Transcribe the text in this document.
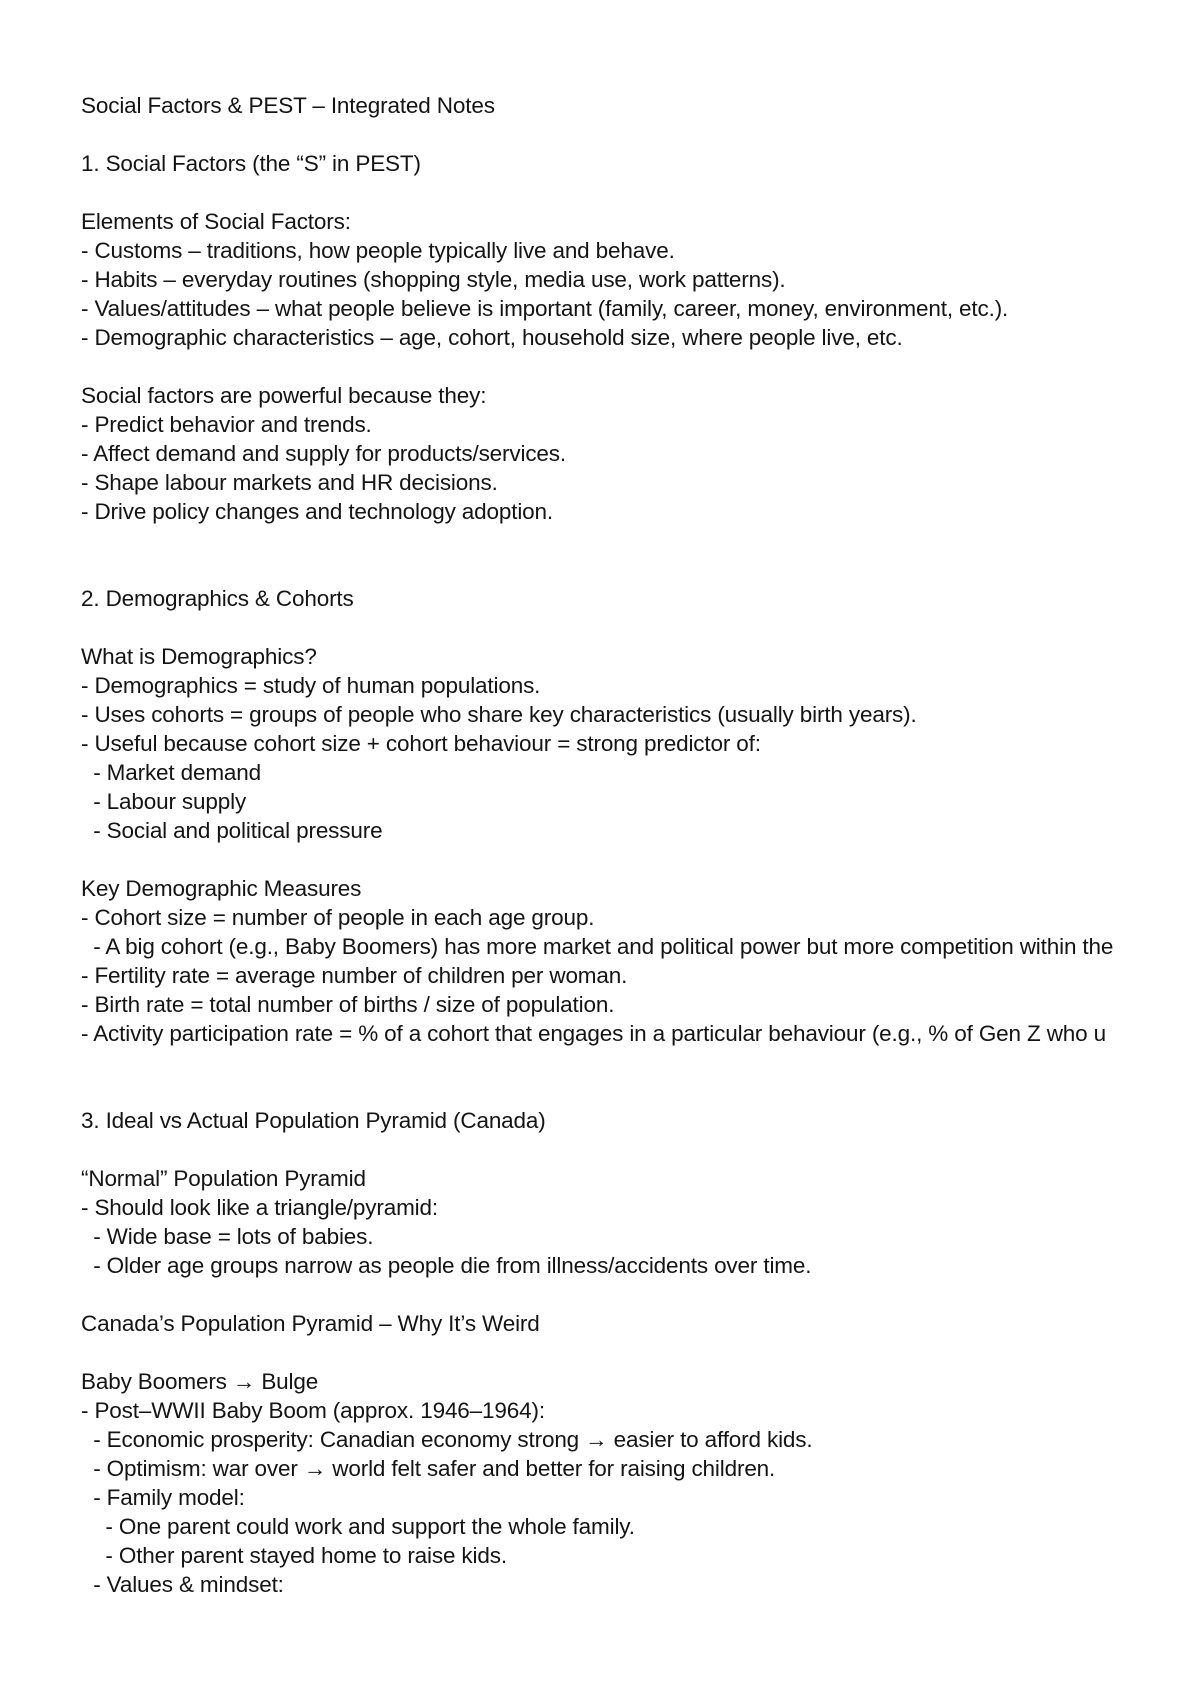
Social Factors & PEST – Integrated Notes
1. Social Factors (the “S” in PEST)
Elements of Social Factors:
- Customs – traditions, how people typically live and behave.
- Habits – everyday routines (shopping style, media use, work patterns).
- Values/attitudes – what people believe is important (family, career, money, environment, etc.).
- Demographic characteristics – age, cohort, household size, where people live, etc.
Social factors are powerful because they:
- Predict behavior and trends.
- Affect demand and supply for products/services.
- Shape labour markets and HR decisions.
- Drive policy changes and technology adoption.
2. Demographics & Cohorts
What is Demographics?
- Demographics = study of human populations.
- Uses cohorts = groups of people who share key characteristics (usually birth years).
- Useful because cohort size + cohort behaviour = strong predictor of:
- Market demand
- Labour supply
- Social and political pressure
Key Demographic Measures
- Cohort size = number of people in each age group.
- A big cohort (e.g., Baby Boomers) has more market and political power but more competition within the
- Fertility rate = average number of children per woman.
- Birth rate = total number of births / size of population.
- Activity participation rate = % of a cohort that engages in a particular behaviour (e.g., % of Gen Z who u
3. Ideal vs Actual Population Pyramid (Canada)
“Normal” Population Pyramid
- Should look like a triangle/pyramid:
- Wide base = lots of babies.
- Older age groups narrow as people die from illness/accidents over time.
Canada’s Population Pyramid – Why It’s Weird
Baby Boomers → Bulge
- Post–WWII Baby Boom (approx. 1946–1964):
- Economic prosperity: Canadian economy strong → easier to afford kids.
- Optimism: war over → world felt safer and better for raising children.
- Family model:
- One parent could work and support the whole family.
- Other parent stayed home to raise kids.
- Values & mindset:
